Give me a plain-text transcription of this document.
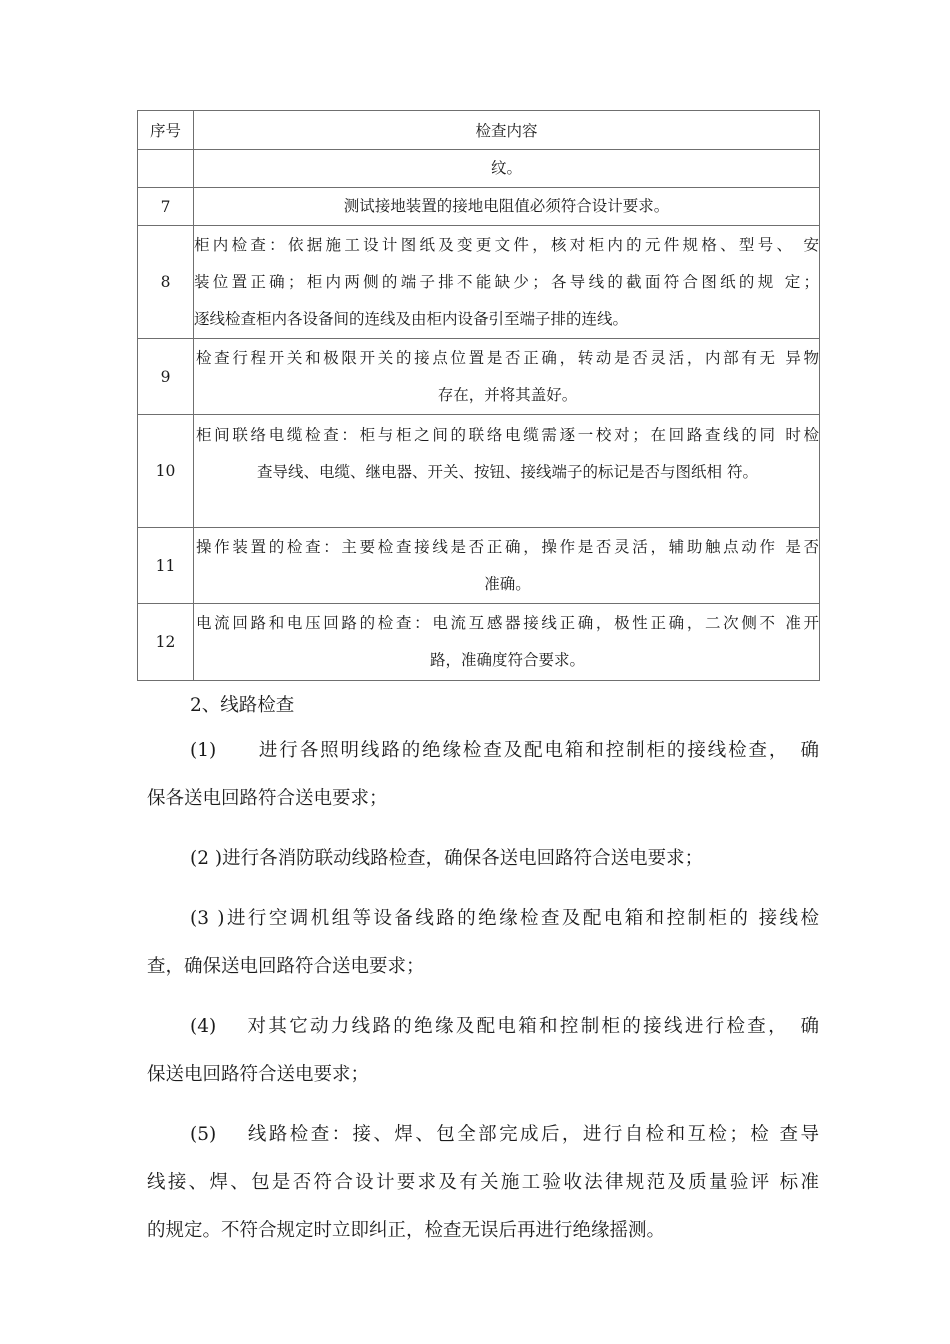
序号	检查内容
	纹。
7	测试接地装置的接地电阻值必须符合设计要求。
8	柜内检查：依据施工设计图纸及变更文件，核对柜内的元件规格、型号、 安
装位置正确；柜内两侧的端子排不能缺少；各导线的截面符合图纸的规 定；
逐线检查柜内各设备间的连线及由柜内设备引至端子排的连线。

9	检查行程开关和极限开关的接点位置是否正确，转动是否灵活，内部有无 异物
存在，并将其盖好。

10	柜间联络电缆检查：柜与柜之间的联络电缆需逐一校对；在回路查线的同 时检
查导线、电缆、继电器、开关、按钮、接线端子的标记是否与图纸相 符。

11	操作装置的检查：主要检查接线是否正确，操作是否灵活，辅助触点动作 是否
准确。

12	电流回路和电压回路的检查：电流互感器接线正确，极性正确，二次侧不 准开
路，准确度符合要求。
2、线路检查
(1)　　进行各照明线路的绝缘检查及配电箱和控制柜的接线检查，　确
保各送电回路符合送电要求；
(2 )进行各消防联动线路检查，确保各送电回路符合送电要求；
(3 )进行空调机组等设备线路的绝缘检查及配电箱和控制柜的 接线检
查，确保送电回路符合送电要求；
(4)　 对其它动力线路的绝缘及配电箱和控制柜的接线进行检查，　确
保送电回路符合送电要求；
(5)　 线路检查：接、焊、包全部完成后，进行自检和互检；检 查导
线接、焊、包是否符合设计要求及有关施工验收法律规范及质量验评 标准
的规定。不符合规定时立即纠正，检查无误后再进行绝缘摇测。
